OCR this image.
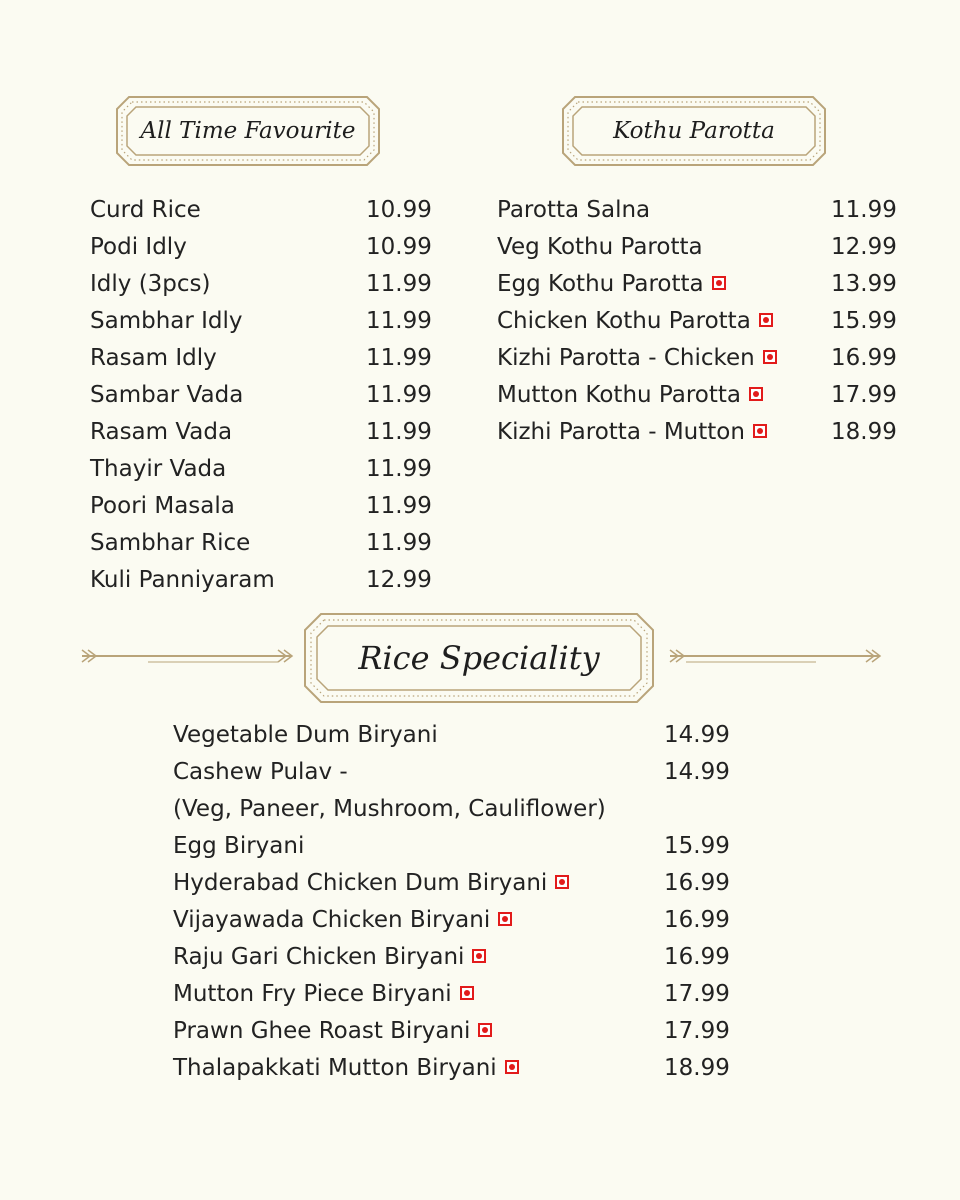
All Time Favourite	Kothu Parotta
Rice Speciality
Curd Rice	10.99
Podi Idly	10.99
Idly (3pcs)	11.99
Sambhar Idly	11.99
Rasam Idly	11.99
Sambar Vada	11.99
Rasam Vada	11.99
Thayir Vada	11.99
Poori Masala	11.99
Sambhar Rice	11.99
Kuli Panniyaram	12.99
Parotta Salna	11.99
Veg Kothu Parotta	12.99
Egg Kothu Parotta	13.99
Chicken Kothu Parotta	15.99
Kizhi Parotta - Chicken	16.99
Mutton Kothu Parotta	17.99
Kizhi Parotta - Mutton	18.99
Vegetable Dum Biryani	14.99
Cashew Pulav -	14.99
(Veg, Paneer, Mushroom, Cauliflower)
Egg Biryani	15.99
Hyderabad Chicken Dum Biryani	16.99
Vijayawada Chicken Biryani	16.99
Raju Gari Chicken Biryani	16.99
Mutton Fry Piece Biryani	17.99
Prawn Ghee Roast Biryani	17.99
Thalapakkati Mutton Biryani	18.99
